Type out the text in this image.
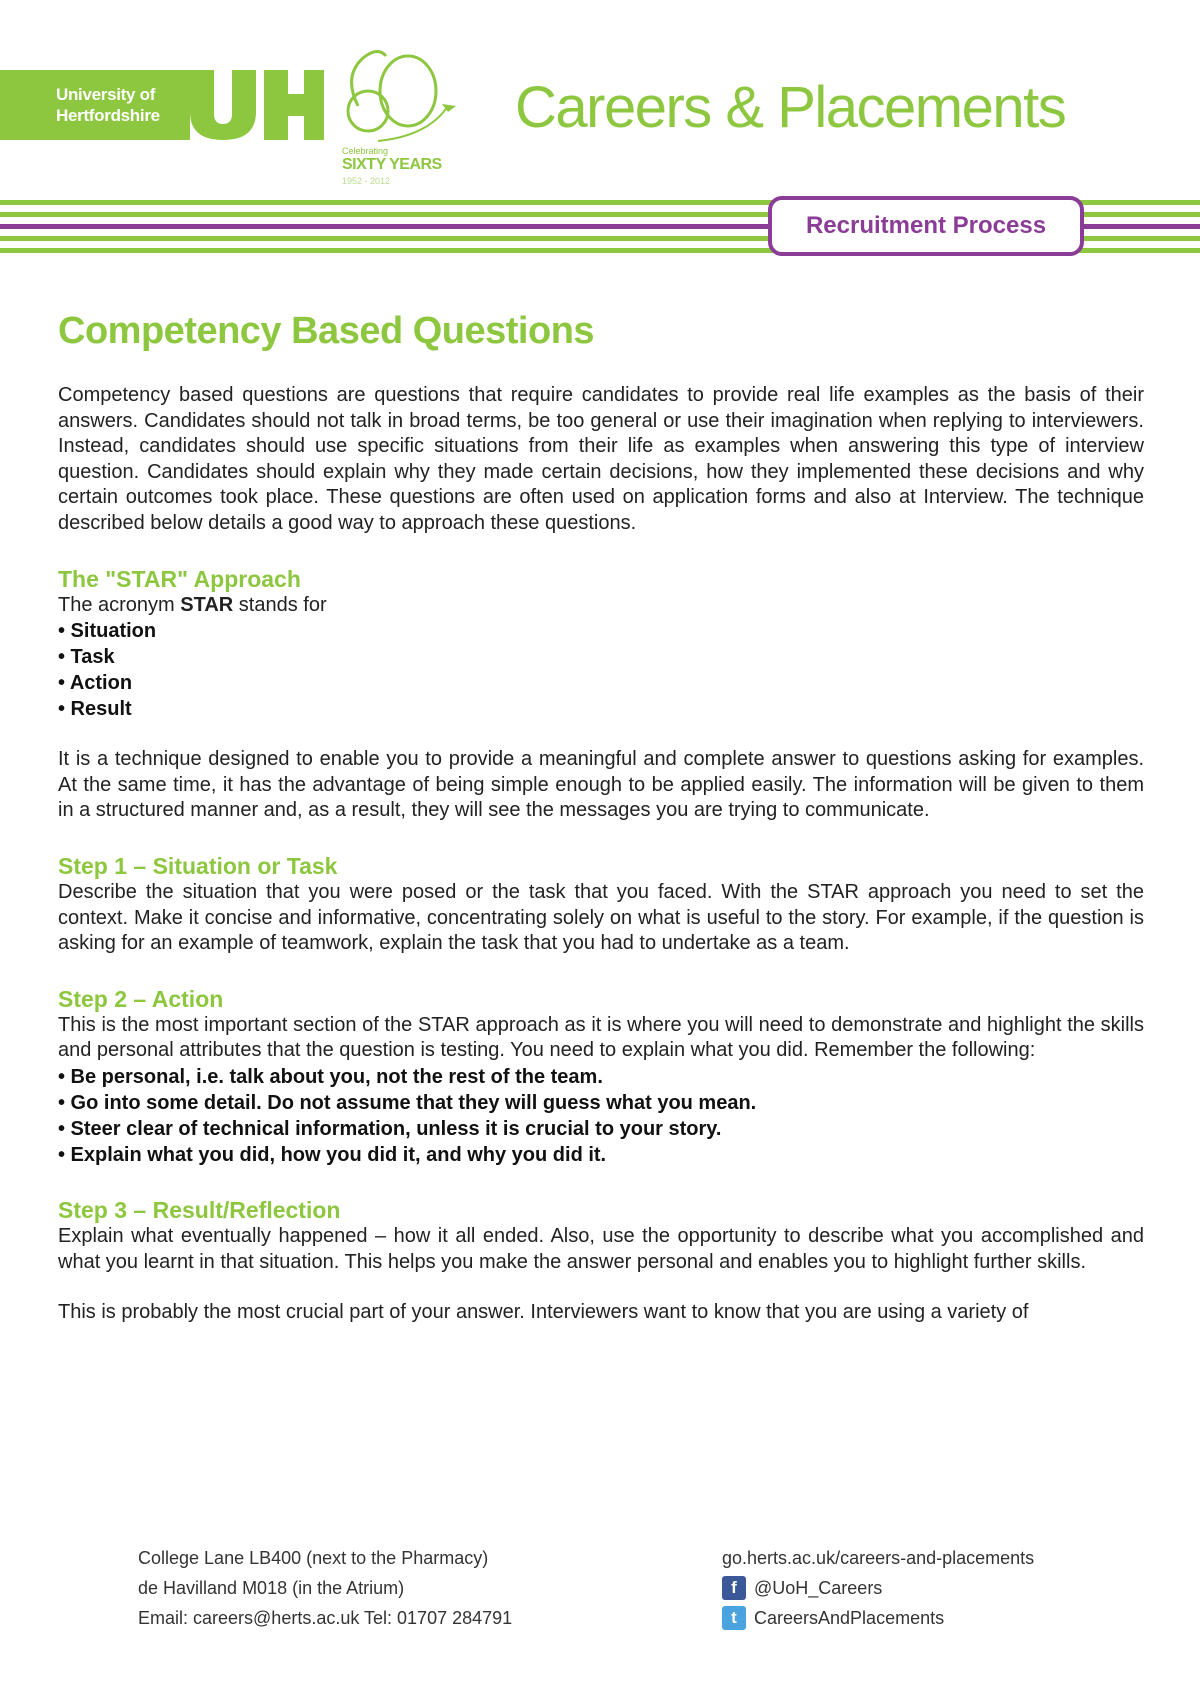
University of
Hertfordshire
Celebrating
SIXTY YEARS
1952 - 2012
Careers & Placements
Recruitment Process
Competency Based Questions

Competency based questions are questions that require candidates to provide real life examples as the basis of their answers. Candidates should not talk in broad terms, be too general or use their imagination when replying to interviewers. Instead, candidates should use specific situations from their life as examples when answering this type of interview question. Candidates should explain why they made certain decisions, how they implemented these decisions and why certain outcomes took place. These questions are often used on application forms and also at Interview. The technique described below details a good way to approach these questions.

The "STAR" Approach

The acronym STAR stands for

• Situation
• Task
• Action
• Result

It is a technique designed to enable you to provide a meaningful and complete answer to questions asking for examples. At the same time, it has the advantage of being simple enough to be applied easily. The information will be given to them in a structured manner and, as a result, they will see the messages you are trying to communicate.

Step 1 – Situation or Task

Describe the situation that you were posed or the task that you faced. With the STAR approach you need to set the context. Make it concise and informative, concentrating solely on what is useful to the story. For example, if the question is asking for an example of teamwork, explain the task that you had to undertake as a team.

Step 2 – Action

This is the most important section of the STAR approach as it is where you will need to demonstrate and highlight the skills and personal attributes that the question is testing. You need to explain what you did. Remember the following:

• Be personal, i.e. talk about you, not the rest of the team.
• Go into some detail. Do not assume that they will guess what you mean.
• Steer clear of technical information, unless it is crucial to your story.
• Explain what you did, how you did it, and why you did it.
Step 3 – Result/Reflection

Explain what eventually happened – how it all ended. Also, use the opportunity to describe what you accomplished and what you learnt in that situation. This helps you make the answer personal and enables you to highlight further skills.

This is probably the most crucial part of your answer. Interviewers want to know that you are using a variety of

College Lane LB400 (next to the Pharmacy)
de Havilland M018 (in the Atrium)
Email: careers@herts.ac.uk Tel: 01707 284791
go.herts.ac.uk/careers-and-placements
f @UoH_Careers
t CareersAndPlacements
